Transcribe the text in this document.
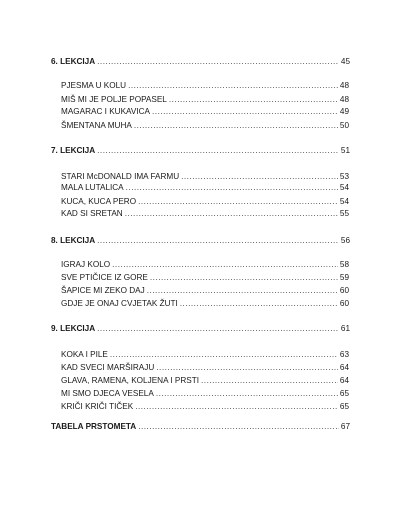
6. LEKCIJA .....	45
PJESMA U KOLU .....	48
MIŠ MI JE POLJE POPASEL .....	48
MAGARAC I KUKAVICA .....	49
ŠMENTANA MUHA .....	50
7. LEKCIJA .....	51
STARI McDONALD IMA FARMU .....	53
MALA LUTALICA .....	54
KUCA, KUCA PERO .....	54
KAD SI SRETAN .....	55
8. LEKCIJA .....	56
IGRAJ KOLO .....	58
SVE PTIČICE IZ GORE .....	59
ŠAPICE MI ZEKO DAJ .....	60
GDJE JE ONAJ CVJETAK ŽUTI .....	60
9. LEKCIJA .....	61
KOKA I PILE .....	63
KAD SVECI MARŠIRAJU .....	64
GLAVA, RAMENA, KOLJENA I PRSTI .....	64
MI SMO DJECA VESELA .....	65
KRIČI KRIČI TIČEK .....	65
TABELA PRSTOMETA .....	67
